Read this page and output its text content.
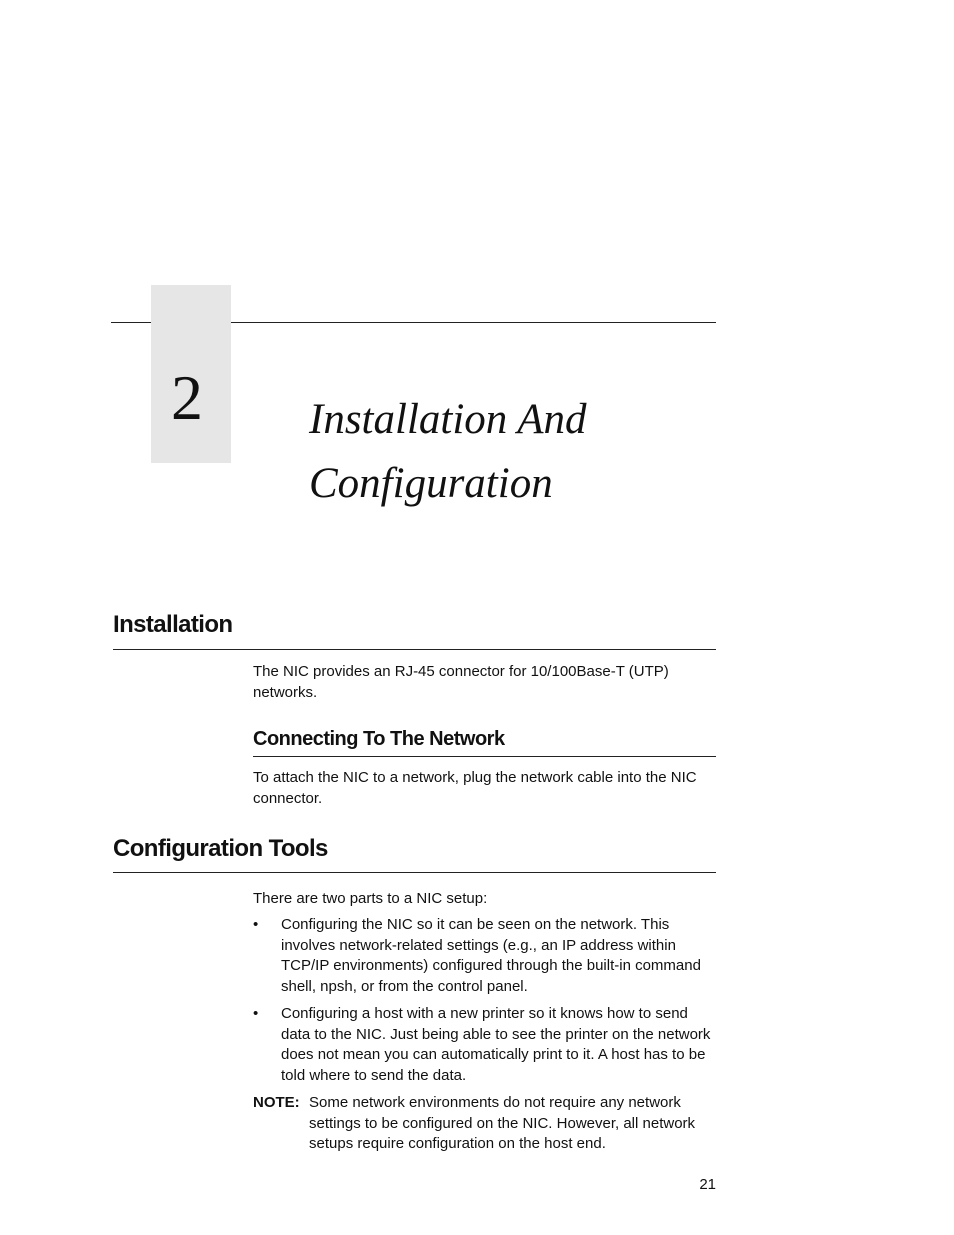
2	Installation And
Configuration
Installation

The NIC provides an RJ-45 connector for 10/100Base-T (UTP) networks.

Connecting To The Network

To attach the NIC to a network, plug the network cable into the NIC connector.

Configuration Tools

There are two parts to a NIC setup:

• Configuring the NIC so it can be seen on the network. This involves network-related settings (e.g., an IP address within TCP/IP environments) configured through the built-in command shell, npsh, or from the control panel.
• Configuring a host with a new printer so it knows how to send data to the NIC. Just being able to see the printer on the network does not mean you can automatically print to it. A host has to be told where to send the data.
NOTE: Some network environments do not require any network settings to be configured on the NIC. However, all network setups require configuration on the host end.
21
